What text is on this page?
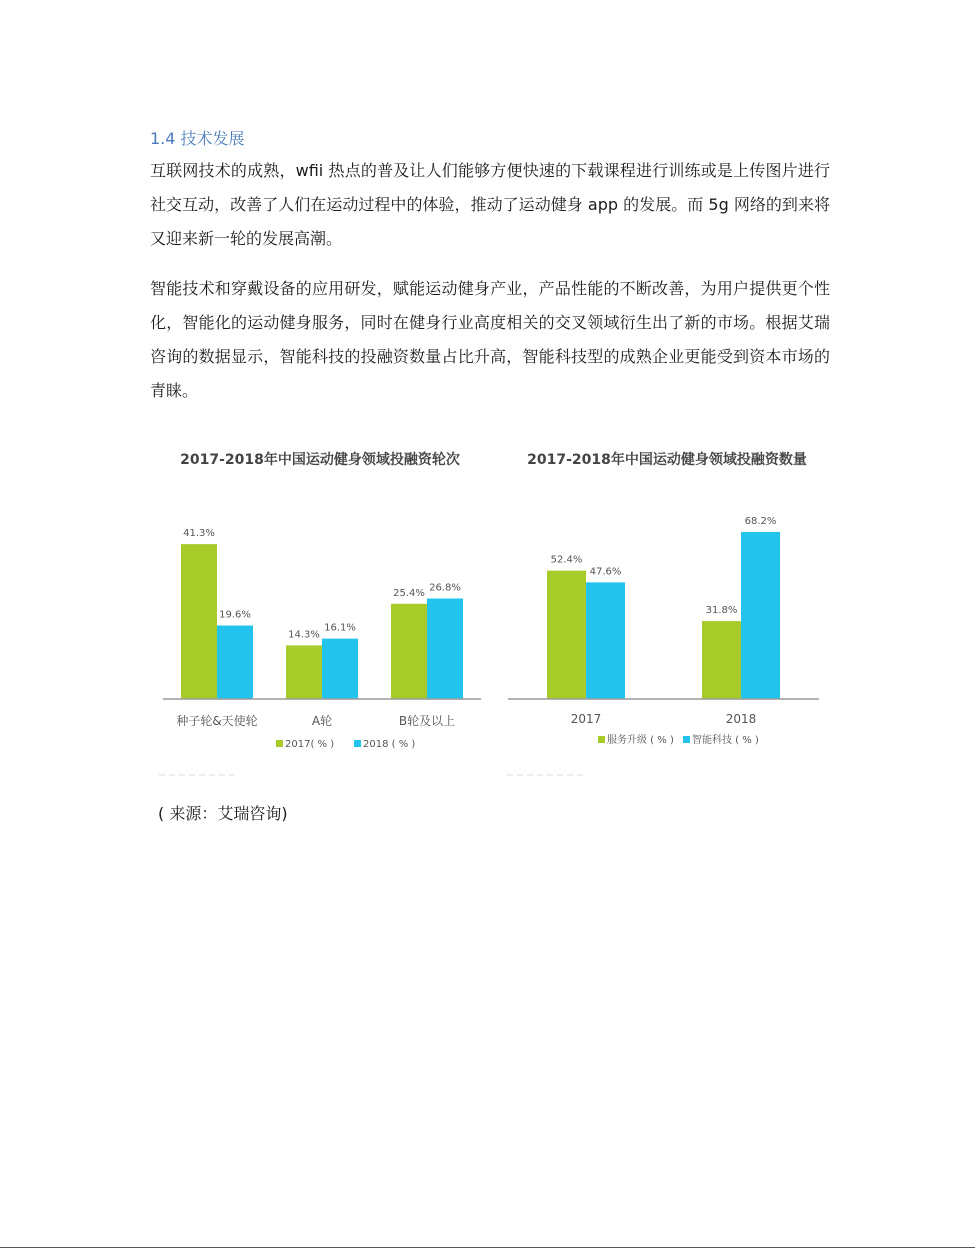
1.4 技术发展

互联网技术的成熟，wfii 热点的普及让人们能够方便快速的下载课程进行训练或是上传图片进行社交互动，改善了人们在运动过程中的体验，推动了运动健身 app 的发展。而 5g 网络的到来将又迎来新一轮的发展高潮。

智能技术和穿戴设备的应用研发，赋能运动健身产业，产品性能的不断改善，为用户提供更个性化，智能化的运动健身服务，同时在健身行业高度相关的交叉领域衍生出了新的市场。根据艾瑞咨询的数据显示，智能科技的投融资数量占比升高，智能科技型的成熟企业更能受到资本市场的青睐。

2017-2018年中国运动健身领域投融资轮次
41.3%
19.6%
种子轮&天使轮
14.3%
16.1%
A轮
25.4% 26.8%
B轮及以上
2017( % )	2018 ( % )
2017-2018年中国运动健身领域投融资数量
52.4%
47.6%
2017
31.8%
68.2%
2018
服务升级 ( % ) 智能科技 ( % )

( 来源：艾瑞咨询)
